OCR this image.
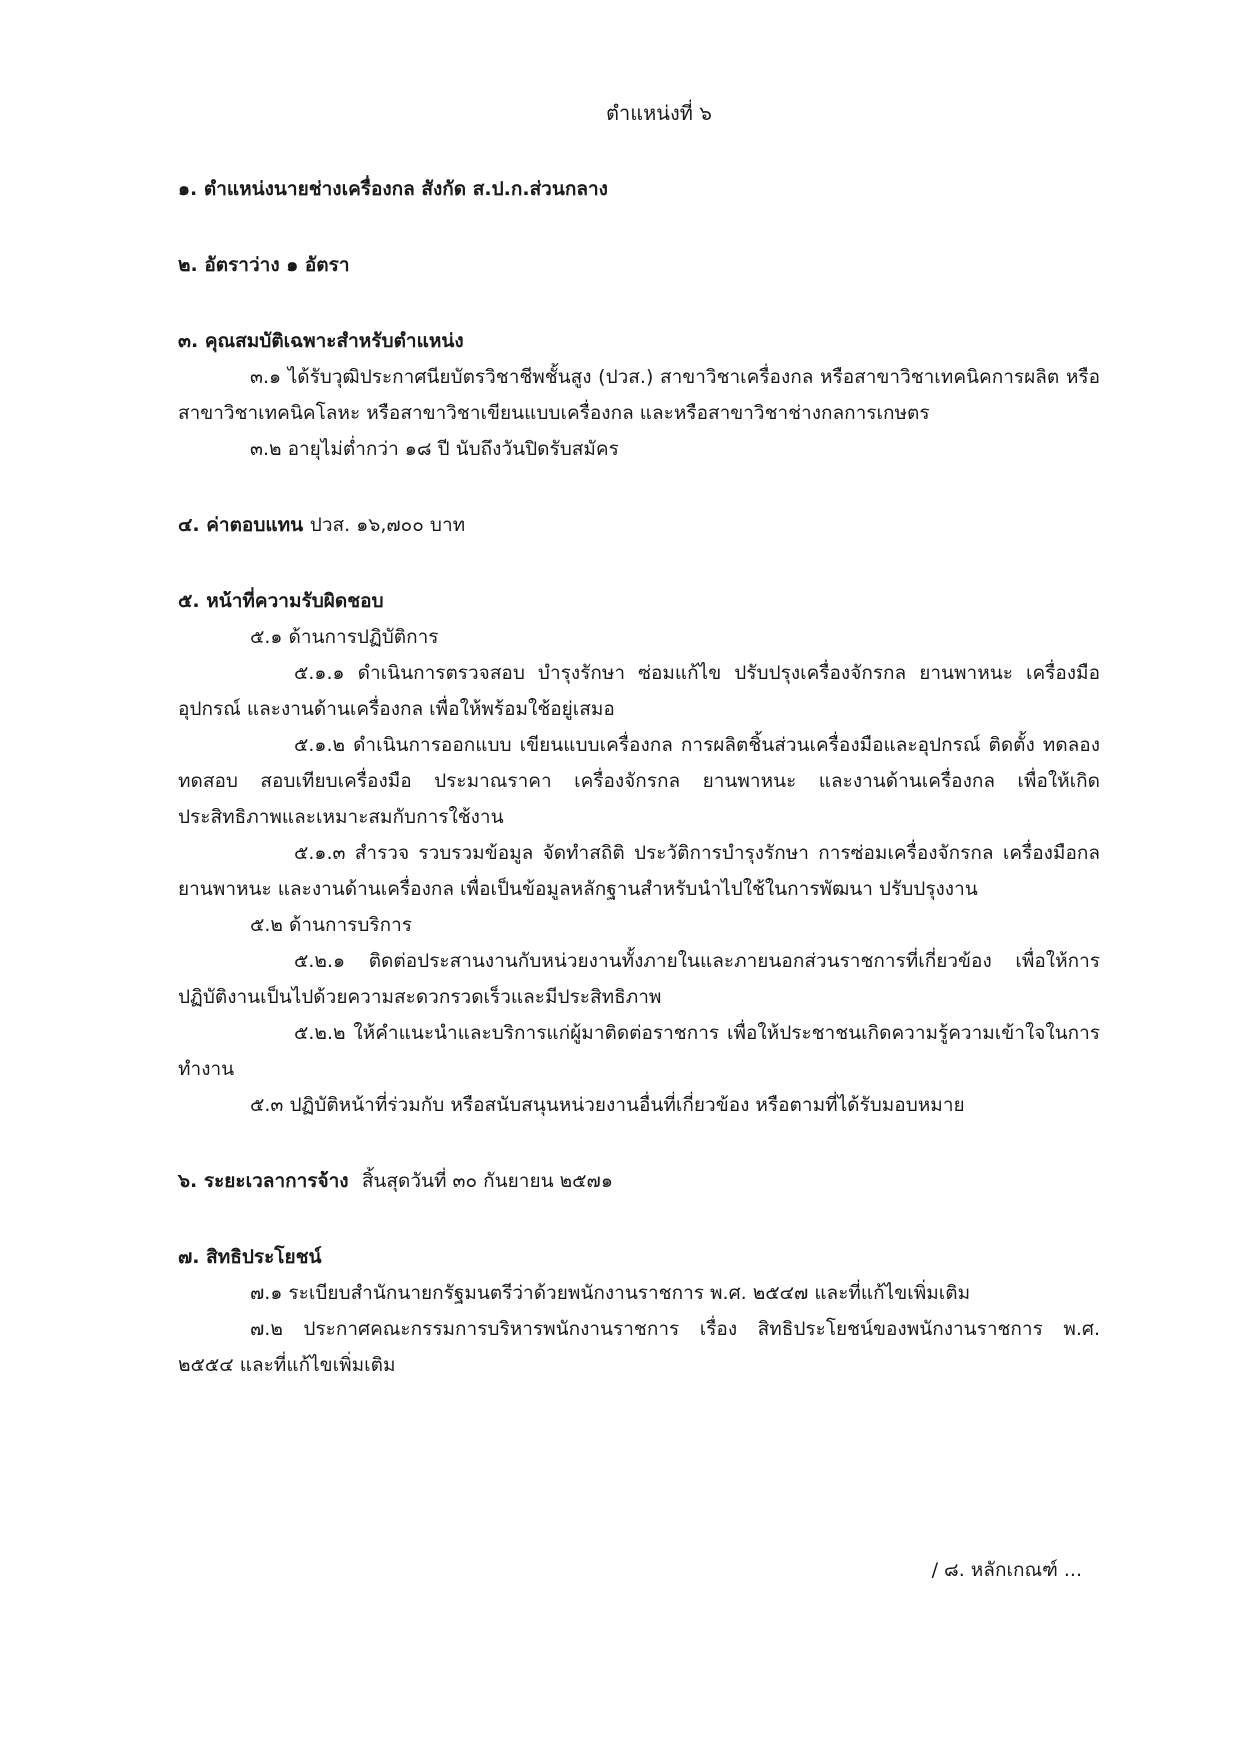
ตำแหน่งที่ ๖

๑. ตำแหน่งนายช่างเครื่องกล สังกัด ส.ป.ก.ส่วนกลาง

๒. อัตราว่าง ๑ อัตรา

๓. คุณสมบัติเฉพาะสำหรับตำแหน่ง

๓.๑ ได้รับวุฒิประกาศนียบัตรวิชาชีพชั้นสูง (ปวส.) สาขาวิชาเครื่องกล หรือสาขาวิชาเทคนิคการผลิต หรือสาขาวิชาเทคนิคโลหะ หรือสาขาวิชาเขียนแบบเครื่องกล และหรือสาขาวิชาช่างกลการเกษตร

๓.๒ อายุไม่ต่ำกว่า ๑๘ ปี นับถึงวันปิดรับสมัคร

๔. ค่าตอบแทน ปวส. ๑๖,๗๐๐ บาท

๕. หน้าที่ความรับผิดชอบ

๕.๑ ด้านการปฏิบัติการ

๕.๑.๑ ดำเนินการตรวจสอบ บำรุงรักษา ซ่อมแก้ไข ปรับปรุงเครื่องจักรกล ยานพาหนะ เครื่องมือ อุปกรณ์ และงานด้านเครื่องกล เพื่อให้พร้อมใช้อยู่เสมอ

๕.๑.๒ ดำเนินการออกแบบ เขียนแบบเครื่องกล การผลิตชิ้นส่วนเครื่องมือและอุปกรณ์ ติดตั้ง ทดลอง ทดสอบ สอบเทียบเครื่องมือ ประมาณราคา เครื่องจักรกล ยานพาหนะ และงานด้านเครื่องกล เพื่อให้เกิดประสิทธิภาพและเหมาะสมกับการใช้งาน

๕.๑.๓ สำรวจ รวบรวมข้อมูล จัดทำสถิติ ประวัติการบำรุงรักษา การซ่อมเครื่องจักรกล เครื่องมือกล ยานพาหนะ และงานด้านเครื่องกล เพื่อเป็นข้อมูลหลักฐานสำหรับนำไปใช้ในการพัฒนา ปรับปรุงงาน

๕.๒ ด้านการบริการ

๕.๒.๑ ติดต่อประสานงานกับหน่วยงานทั้งภายในและภายนอกส่วนราชการที่เกี่ยวข้อง เพื่อให้การปฏิบัติงานเป็นไปด้วยความสะดวกรวดเร็วและมีประสิทธิภาพ

๕.๒.๒ ให้คำแนะนำและบริการแก่ผู้มาติดต่อราชการ เพื่อให้ประชาชนเกิดความรู้ความเข้าใจในการทำงาน

๕.๓ ปฏิบัติหน้าที่ร่วมกับ หรือสนับสนุนหน่วยงานอื่นที่เกี่ยวข้อง หรือตามที่ได้รับมอบหมาย

๖. ระยะเวลาการจ้าง สิ้นสุดวันที่ ๓๐ กันยายน ๒๕๗๑

๗. สิทธิประโยชน์

๗.๑ ระเบียบสำนักนายกรัฐมนตรีว่าด้วยพนักงานราชการ พ.ศ. ๒๕๔๗ และที่แก้ไขเพิ่มเติม

๗.๒ ประกาศคณะกรรมการบริหารพนักงานราชการ เรื่อง สิทธิประโยชน์ของพนักงานราชการ พ.ศ. ๒๕๕๔ และที่แก้ไขเพิ่มเติม

/ ๘. หลักเกณฑ์ ...
